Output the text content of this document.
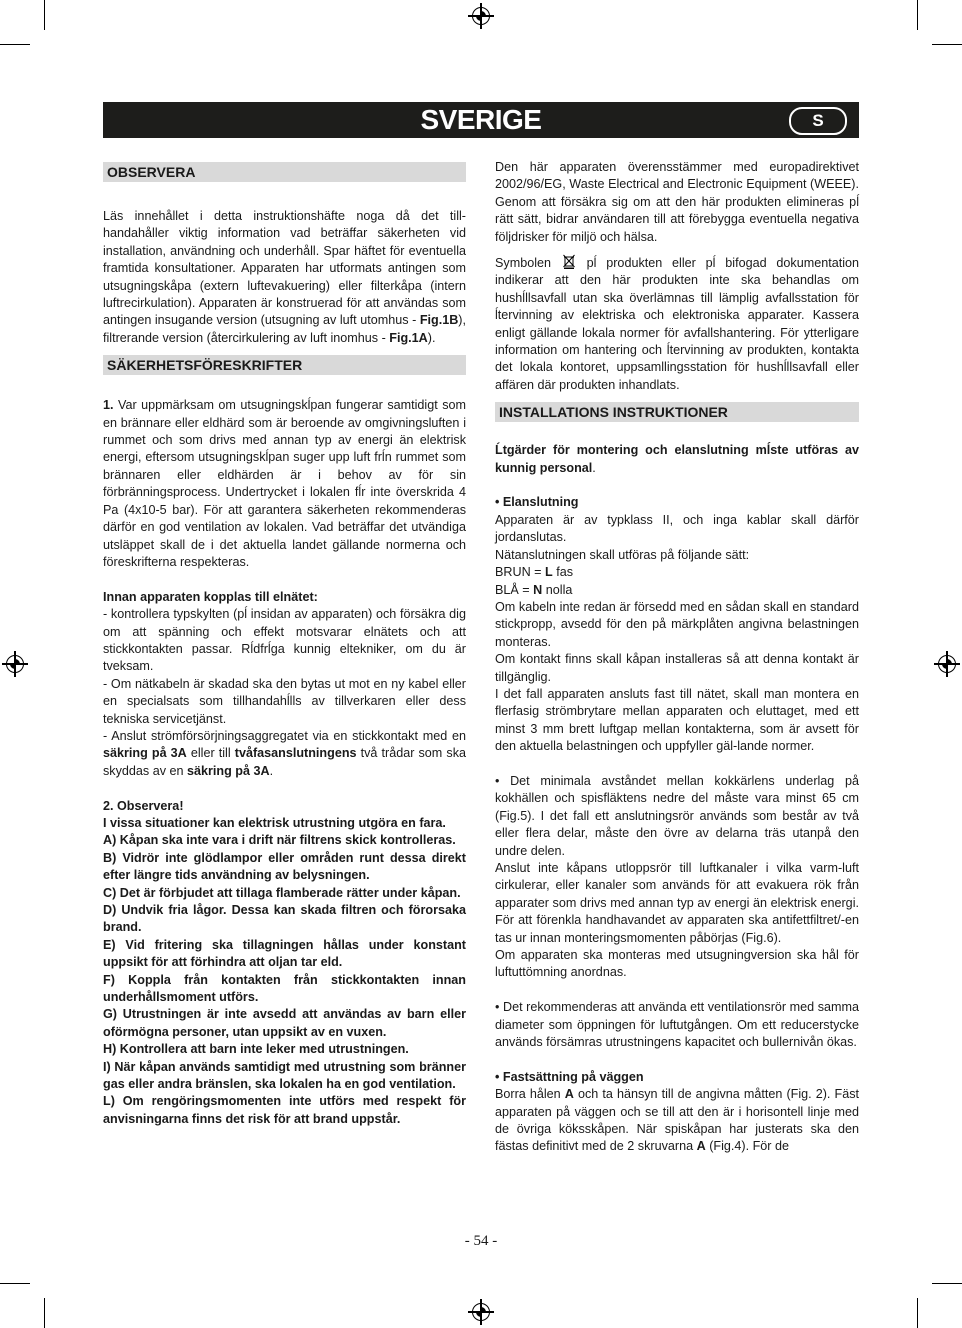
SVERIGE	S
OBSERVERA

Läs innehållet i detta instruktionshäfte noga då det till-handahåller viktig information vad beträffar säkerheten vid installation, användning och underhåll. Spar häftet för eventuella framtida konsultationer. Apparaten har utformats antingen som utsugningskåpa (extern luftevakuering) eller filterkåpa (intern luftrecirkulation). Apparaten är konstruerad för att användas som antingen insugande version (utsugning av luft utomhus - Fig.1B), filtrerande version (återcirkulering av luft inomhus - Fig.1A).

SÄKERHETSFÖRESKRIFTER

1. Var uppmärksam om utsugningskĺpan fungerar samtidigt som en brännare eller eldhärd som är beroende av omgivningsluften i rummet och som drivs med annan typ av energi än elektrisk energi, eftersom utsugningskĺpan suger upp luft frĺn rummet som brännaren eller eldhärden är i behov av för sin förbränningsprocess. Undertrycket i lokalen fĺr inte överskrida 4 Pa (4x10-5 bar). För att garantera säkerheten rekommenderas därför en god ventilation av lokalen. Vad beträffar det utvändiga utsläppet skall de i det aktuella landet gällande normerna och föreskrifterna respekteras.

Innan apparaten kopplas till elnätet:

- kontrollera typskylten (pĺ insidan av apparaten) och försäkra dig om att spänning och effekt motsvarar elnätets och att stickkontakten passar. Rĺdfrĺga kunnig eltekniker, om du är tveksam.

- Om nätkabeln är skadad ska den bytas ut mot en ny kabel eller en specialsats som tillhandahĺlls av tillverkaren eller dess tekniska servicetjänst.

- Anslut strömförsörjningsaggregatet via en stickkontakt med en säkring på 3A eller till tvåfasanslutningens två trådar som ska skyddas av en säkring på 3A.

2. Observera!

I vissa situationer kan elektrisk utrustning utgöra en fara.

A) Kåpan ska inte vara i drift när filtrens skick kontrolleras.

B) Vidrör inte glödlampor eller områden runt dessa direkt efter längre tids användning av belysningen.

C) Det är förbjudet att tillaga flamberade rätter under kåpan.

D) Undvik fria lågor. Dessa kan skada filtren och förorsaka brand.

E) Vid fritering ska tillagningen hållas under konstant uppsikt för att förhindra att oljan tar eld.

F) Koppla från kontakten från stickkontakten innan underhållsmoment utförs.

G) Utrustningen är inte avsedd att användas av barn eller oförmögna personer, utan uppsikt av en vuxen.

H) Kontrollera att barn inte leker med utrustningen.

I) När kåpan används samtidigt med utrustning som bränner gas eller andra bränslen, ska lokalen ha en god ventilation.

L) Om rengöringsmomenten inte utförs med respekt för anvisningarna finns det risk för att brand uppstår.

Den här apparaten överensstämmer med europadirektivet 2002/96/EG, Waste Electrical and Electronic Equipment (WEEE). Genom att försäkra sig om att den här produkten elimineras pĺ rätt sätt, bidrar användaren till att förebygga eventuella negativa följdrisker för miljö och hälsa.

Symbolen  pĺ produkten eller pĺ bifogad dokumentation indikerar att den här produkten inte ska behandlas om hushĺllsavfall utan ska överlämnas till lämplig avfallsstation för ĺtervinning av elektriska och elektroniska apparater. Kassera enligt gällande lokala normer för avfallshantering. För ytterligare information om hantering och ĺtervinning av produkten, kontakta det lokala kontoret, uppsamllingsstation för hushĺllsavfall eller affären där produkten inhandlats.

INSTALLATIONS INSTRUKTIONER

Ĺtgärder för montering och elanslutning mĺste utföras av kunnig personal.

• Elanslutning

Apparaten är av typklass II, och inga kablar skall därför jordanslutas.

Nätanslutningen skall utföras på följande sätt:

BRUN = L fas

BLÅ = N nolla

Om kabeln inte redan är försedd med en sådan skall en standard stickpropp, avsedd för den på märkplåten angivna belastningen monteras.

Om kontakt finns skall kåpan installeras så att denna kontakt är tillgänglig.

I det fall apparaten ansluts fast till nätet, skall man montera en flerfasig strömbrytare mellan apparaten och eluttaget, med ett minst 3 mm brett luftgap mellan kontakterna, som är avsett för den aktuella belastningen och uppfyller gäl-lande normer.

• Det minimala avståndet mellan kokkärlens underlag på kokhällen och spisfläktens nedre del måste vara minst 65 cm (Fig.5). I det fall ett anslutningsrör används som består av två eller flera delar, måste den övre av delarna träs utanpå den undre delen.

Anslut inte kåpans utloppsrör till luftkanaler i vilka varm-luft cirkulerar, eller kanaler som används för att evakuera rök från apparater som drivs med annan typ av energi än elektrisk energi. För att förenkla handhavandet av apparaten ska antifettfiltret/-en tas ur innan monteringsmomenten påbörjas (Fig.6).

Om apparaten ska monteras med utsugningversion ska hål för luftuttömning anordnas.

• Det rekommenderas att använda ett ventilationsrör med samma diameter som öppningen för luftutgången. Om ett reducerstycke används försämras utrustningens kapacitet och bullernivån ökas.

• Fastsättning på väggen

Borra hålen A och ta hänsyn till de angivna måtten (Fig. 2). Fäst apparaten på väggen och se till att den är i horisontell linje med de övriga köksskåpen. När spiskåpan har justerats ska den fästas definitivt med de 2 skruvarna A (Fig.4). För de

- 54 -
